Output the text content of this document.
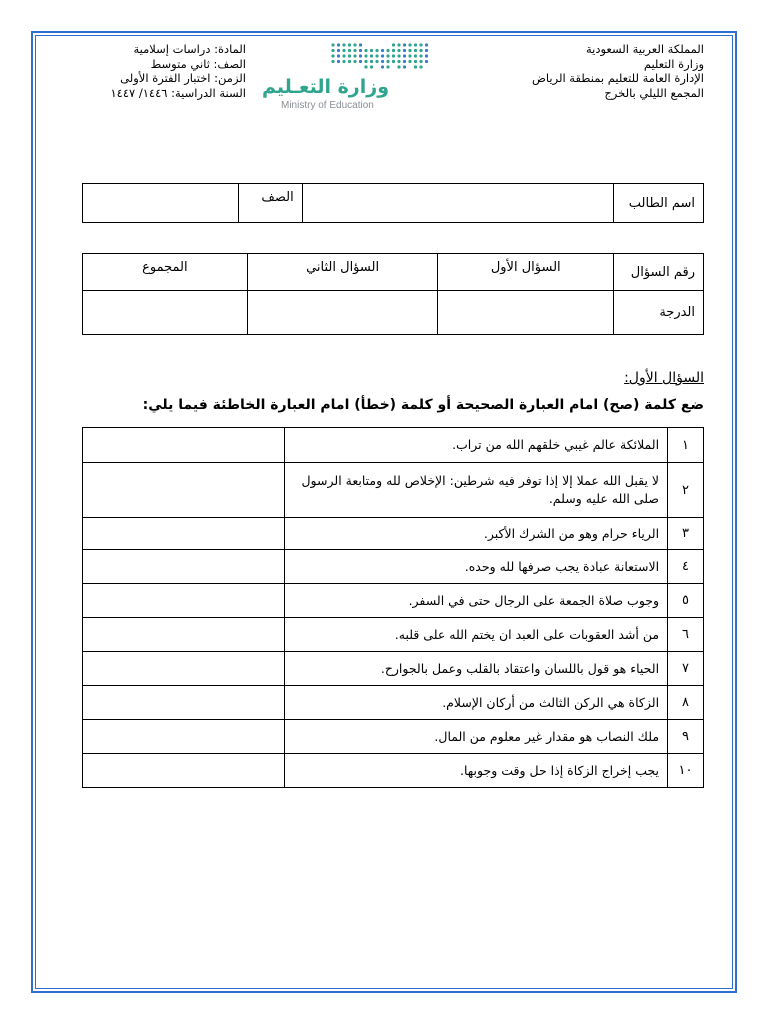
المملكة العربية السعودية
وزارة التعليم
الإدارة العامة للتعليم بمنطقة الرياض
المجمع الليلي بالخرج
وزارة التعـليم
Ministry of Education
المادة: دراسات إسلامية
الصف: ثاني متوسط
الزمن: اختبار الفترة الأولى
السنة الدراسية: ١٤٤٦/ ١٤٤٧
اسم الطالب		الصف	
رقم السؤال	السؤال الأول	السؤال الثاني	المجموع
الدرجة			
السؤال الأول:
ضع كلمة (صح) امام العبارة الصحيحة أو كلمة (خطأ) امام العبارة الخاطئة فيما يلي:
١	الملائكة عالم غيبي خلقهم الله من تراب.	
٢	لا يقبل الله عملا إلا إذا توفر فيه شرطين: الإخلاص لله ومتابعة الرسول صلى الله عليه وسلم.	
٣	الرياء حرام وهو من الشرك الأكبر.	
٤	الاستعانة عبادة يجب صرفها لله وحده.	
٥	وجوب صلاة الجمعة على الرجال حتى في السفر.	
٦	من أشد العقوبات على العبد ان يختم الله على قلبه.	
٧	الحياء هو قول باللسان واعتقاد بالقلب وعمل بالجوارح.	
٨	الزكاة هي الركن الثالث من أركان الإسلام.	
٩	ملك النصاب هو مقدار غير معلوم من المال.	
١٠	يجب إخراج الزكاة إذا حل وقت وجوبها.	
